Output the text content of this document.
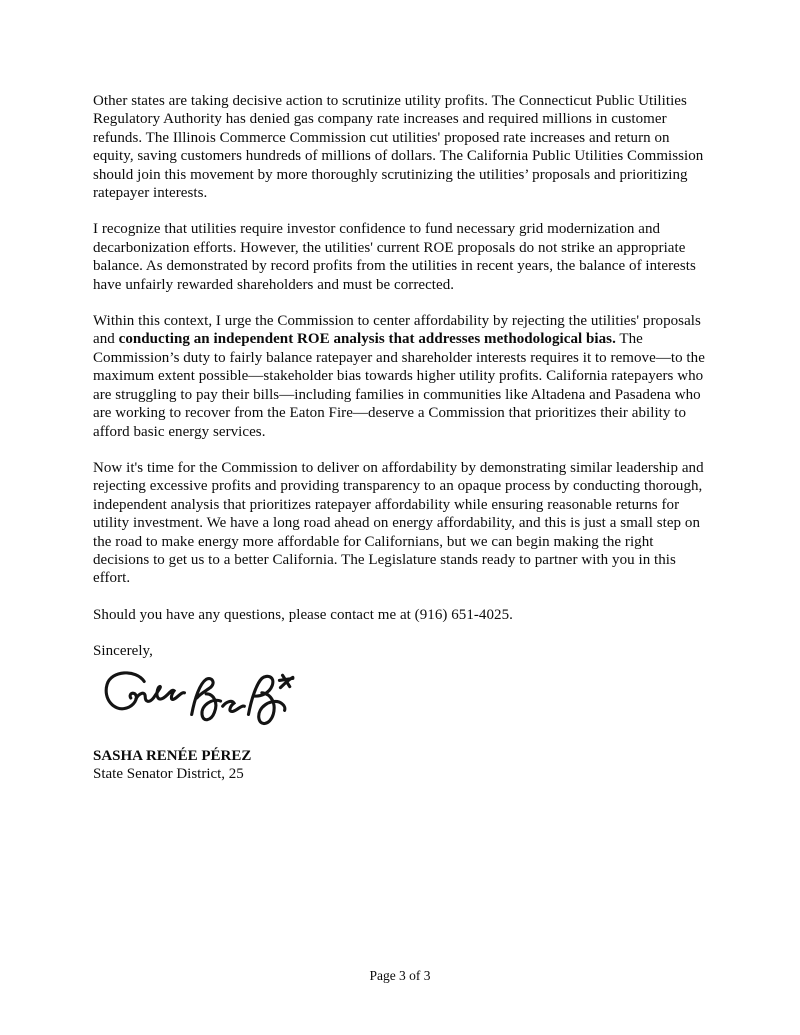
Other states are taking decisive action to scrutinize utility profits. The Connecticut Public Utilities Regulatory Authority has denied gas company rate increases and required millions in customer refunds. The Illinois Commerce Commission cut utilities' proposed rate increases and return on equity, saving customers hundreds of millions of dollars. The California Public Utilities Commission should join this movement by more thoroughly scrutinizing the utilities’ proposals and prioritizing ratepayer interests.

I recognize that utilities require investor confidence to fund necessary grid modernization and decarbonization efforts. However, the utilities' current ROE proposals do not strike an appropriate balance. As demonstrated by record profits from the utilities in recent years, the balance of interests have unfairly rewarded shareholders and must be corrected.

Within this context, I urge the Commission to center affordability by rejecting the utilities' proposals and conducting an independent ROE analysis that addresses methodological bias. The Commission’s duty to fairly balance ratepayer and shareholder interests requires it to remove—to the maximum extent possible—stakeholder bias towards higher utility profits. California ratepayers who are struggling to pay their bills—including families in communities like Altadena and Pasadena who are working to recover from the Eaton Fire—deserve a Commission that prioritizes their ability to afford basic energy services.

Now it's time for the Commission to deliver on affordability by demonstrating similar leadership and rejecting excessive profits and providing transparency to an opaque process by conducting thorough, independent analysis that prioritizes ratepayer affordability while ensuring reasonable returns for utility investment. We have a long road ahead on energy affordability, and this is just a small step on the road to make energy more affordable for Californians, but we can begin making the right decisions to get us to a better California. The Legislature stands ready to partner with you in this effort.

Should you have any questions, please contact me at (916) 651-4025.

Sincerely,

SASHA RENÉE PÉREZ

State Senator District, 25

Page 3 of 3
